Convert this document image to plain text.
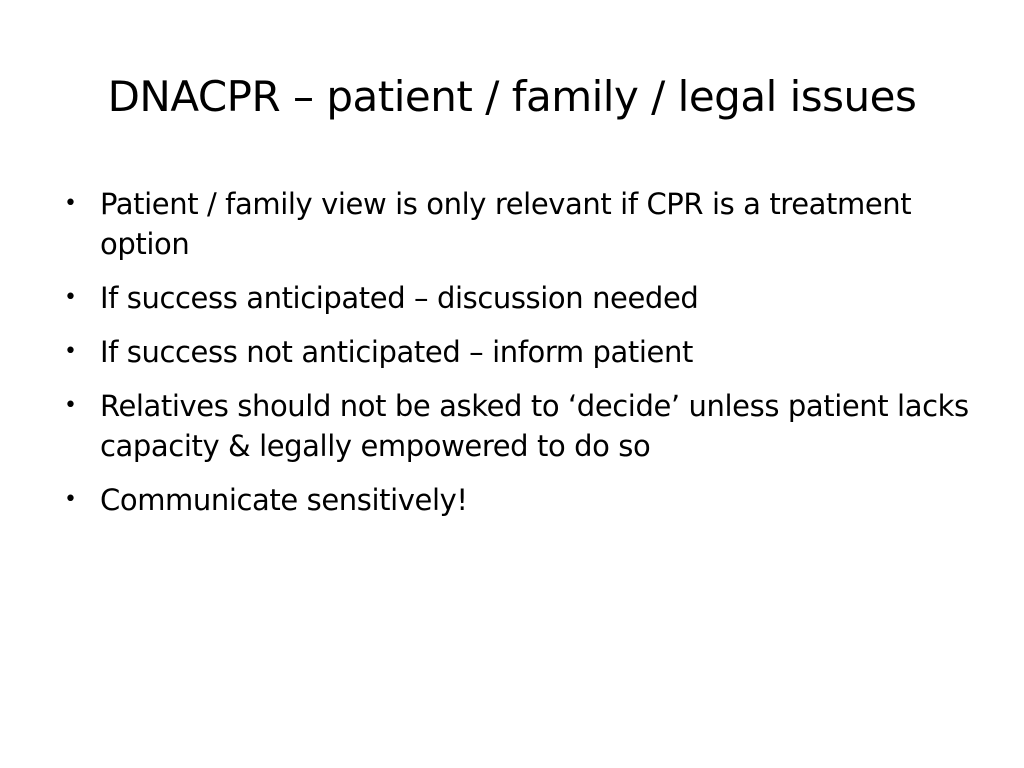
DNACPR – patient / family / legal issues
• Patient / family view is only relevant if CPR is a treatment option
• If success anticipated – discussion needed
• If success not anticipated – inform patient
• Relatives should not be asked to ‘decide’ unless patient lacks capacity & legally empowered to do so
• Communicate sensitively!
